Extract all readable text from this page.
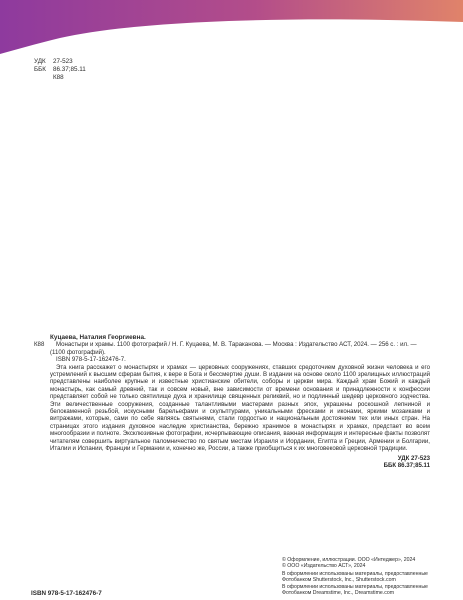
УДК	27-523
ББК	86.37;85.11
К88
Куцаева, Наталия Георгиевна.
К88	Монастыри и храмы. 1100 фотографий / Н. Г. Куцаева, М. В. Тараканова. — Москва : Издательство АСТ, 2024. — 256 с. : ил. — (1100 фотографий).
ISBN 978-5-17-162476-7.
Эта книга расскажет о монастырях и храмах — церковных сооружениях, ставших средоточием духовной жизни человека и его устремлений к высшим сферам бытия, к вере в Бога и бессмертие души. В издании на основе около 1100 зрелищных иллюстраций представлены наиболее крупные и известные христианские обители, соборы и церкви мира. Каждый храм Божий и каждый монастырь, как самый древний, так и совсем новый, вне зависимости от времени основания и принадлежности к конфессии представляет собой не только святилище духа и хранилище священных реликвий, но и подлинный шедевр церковного зодчества. Эти величественные сооружения, созданные талантливыми мастерами разных эпох, украшены роскошной лепниной и белокаменной резьбой, искусными барельефами и скульптурами, уникальными фресками и иконами, яркими мозаиками и витражами, которые, сами по себе являясь святынями, стали гордостью и национальным достоянием тех или иных стран. На страницах этого издания духовное наследие христианства, бережно хранимое в монастырях и храмах, предстает во всем многообразии и полноте. Эксклюзивные фотографии, исчерпывающие описания, важная информация и интересные факты позволят читателям совершить виртуальное паломничество по святым местам Израиля и Иордании, Египта и Греции, Армении и Болгарии, Италии и Испании, Франции и Германии и, конечно же, России, а также приобщиться к их многовековой церковной традиции.
УДК 27-523
ББК 86.37;85.11

© Оформление, иллюстрации. ООО «Интеджер», 2024

© ООО «Издательство АСТ», 2024

В оформлении использованы материалы, предоставленные

Фотобанком Shutterstock, Inc., Shutterstock.com

В оформлении использованы материалы, предоставленные

Фотобанком Dreamstime, Inc., Dreamstime.com

ISBN 978-5-17-162476-7
